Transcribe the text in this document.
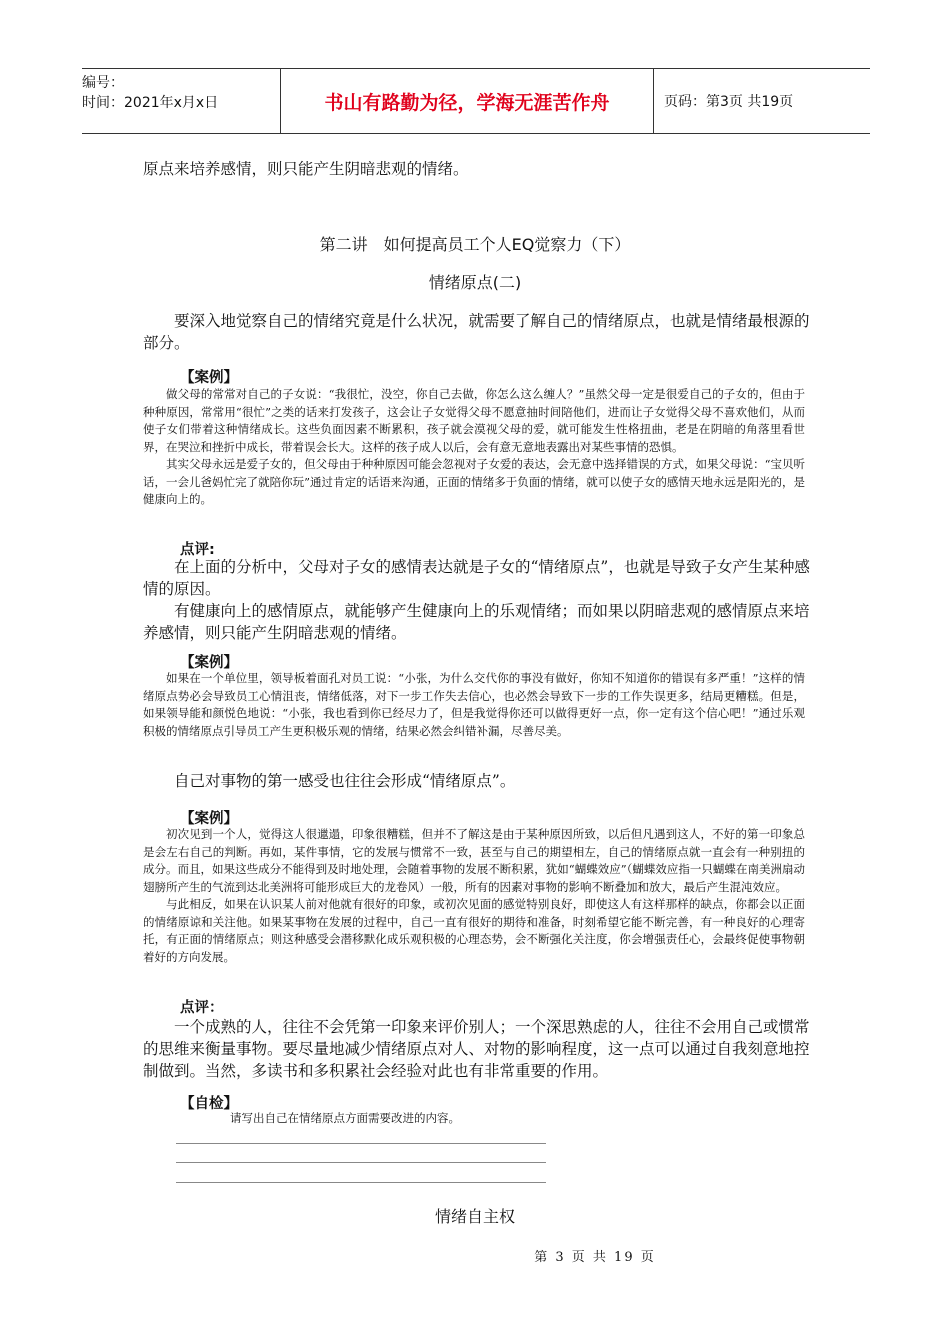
编号：
时间：2021年x月x日	书山有路勤为径，学海无涯苦作舟	页码：第3页 共19页
原点来培养感情，则只能产生阴暗悲观的情绪。
第二讲　如何提高员工个人EQ觉察力（下）
情绪原点(二)

要深入地觉察自己的情绪究竟是什么状况，就需要了解自己的情绪原点，也就是情绪最根源的部分。

【案例】

做父母的常常对自己的子女说：“我很忙，没空，你自己去做，你怎么这么缠人？”虽然父母一定是很爱自己的子女的，但由于种种原因，常常用“很忙”之类的话来打发孩子，这会让子女觉得父母不愿意抽时间陪他们，进而让子女觉得父母不喜欢他们，从而使子女们带着这种情绪成长。这些负面因素不断累积，孩子就会漠视父母的爱，就可能发生性格扭曲，老是在阴暗的角落里看世界，在哭泣和挫折中成长，带着误会长大。这样的孩子成人以后，会有意无意地表露出对某些事情的恐惧。

其实父母永远是爱子女的，但父母由于种种原因可能会忽视对子女爱的表达，会无意中选择错误的方式，如果父母说：“宝贝听话，一会儿爸妈忙完了就陪你玩”通过肯定的话语来沟通，正面的情绪多于负面的情绪，就可以使子女的感情天地永远是阳光的，是健康向上的。

点评:

在上面的分析中，父母对子女的感情表达就是子女的“情绪原点”，也就是导致子女产生某种感情的原因。

有健康向上的感情原点，就能够产生健康向上的乐观情绪；而如果以阴暗悲观的感情原点来培养感情，则只能产生阴暗悲观的情绪。

【案例】

如果在一个单位里，领导板着面孔对员工说：“小张，为什么交代你的事没有做好，你知不知道你的错误有多严重！”这样的情绪原点势必会导致员工心情沮丧，情绪低落，对下一步工作失去信心，也必然会导致下一步的工作失误更多，结局更糟糕。但是，如果领导能和颜悦色地说：“小张，我也看到你已经尽力了，但是我觉得你还可以做得更好一点，你一定有这个信心吧！”通过乐观积极的情绪原点引导员工产生更积极乐观的情绪，结果必然会纠错补漏，尽善尽美。

自己对事物的第一感受也往往会形成“情绪原点”。

【案例】

初次见到一个人，觉得这人很邋遢，印象很糟糕，但并不了解这是由于某种原因所致，以后但凡遇到这人，不好的第一印象总是会左右自己的判断。再如，某件事情，它的发展与惯常不一致，甚至与自己的期望相左，自己的情绪原点就一直会有一种别扭的成分。而且，如果这些成分不能得到及时地处理，会随着事物的发展不断积累，犹如“蝴蝶效应”（蝴蝶效应指一只蝴蝶在南美洲扇动翅膀所产生的气流到达北美洲将可能形成巨大的龙卷风）一般，所有的因素对事物的影响不断叠加和放大，最后产生混沌效应。

与此相反，如果在认识某人前对他就有很好的印象，或初次见面的感觉特别良好，即使这人有这样那样的缺点，你都会以正面的情绪原谅和关注他。如果某事物在发展的过程中，自己一直有很好的期待和准备，时刻希望它能不断完善，有一种良好的心理寄托，有正面的情绪原点；则这种感受会潜移默化成乐观积极的心理态势，会不断强化关注度，你会增强责任心，会最终促使事物朝着好的方向发展。

点评：

一个成熟的人，往往不会凭第一印象来评价别人；一个深思熟虑的人，往往不会用自己或惯常的思维来衡量事物。要尽量地减少情绪原点对人、对物的影响程度，这一点可以通过自我刻意地控制做到。当然，多读书和多积累社会经验对此也有非常重要的作用。

【自检】
请写出自己在情绪原点方面需要改进的内容。
情绪自主权
第 3 页 共 19 页
